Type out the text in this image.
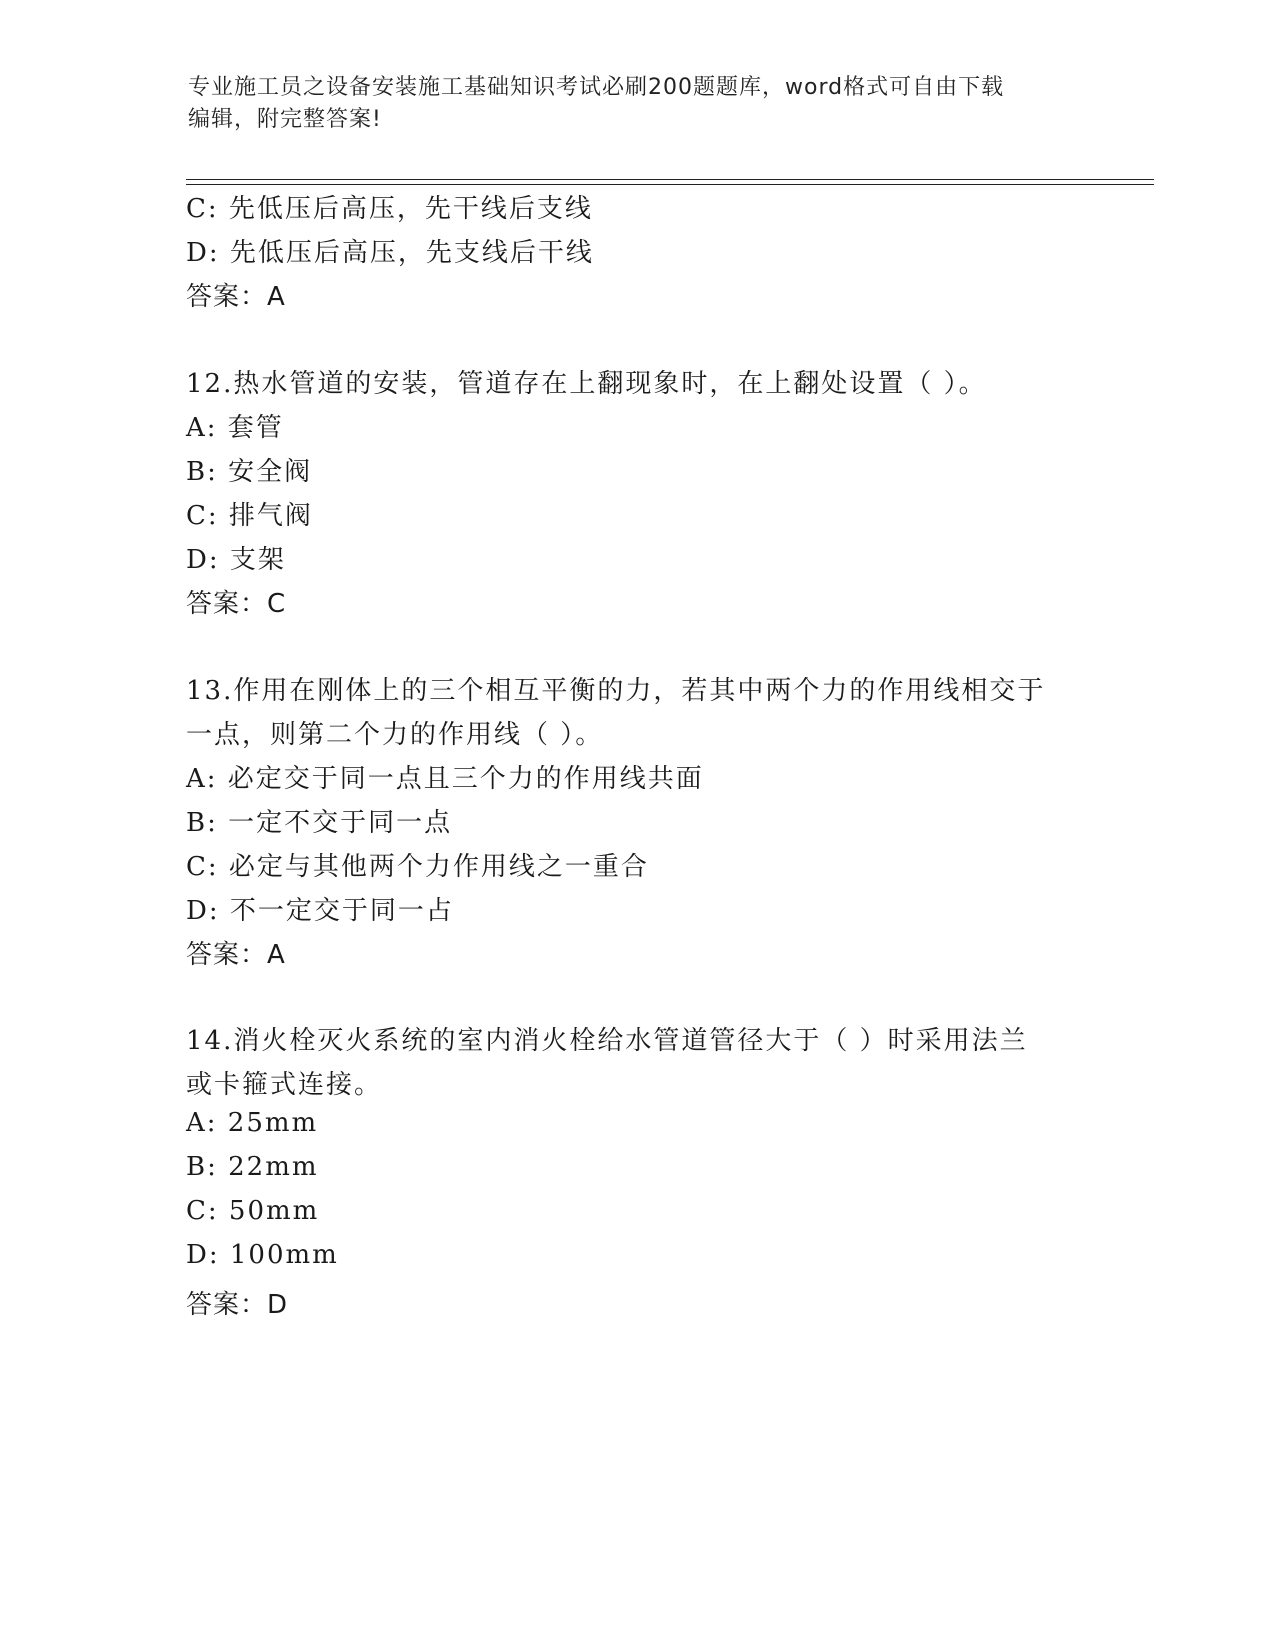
专业施工员之设备安装施工基础知识考试必刷200题题库，word格式可自由下载
编辑，附完整答案!
C: 先低压后高压，先干线后支线
D: 先低压后高压，先支线后干线
答案：A
12.热水管道的安装，管道存在上翻现象时，在上翻处设置（ ）。
A: 套管
B: 安全阀
C: 排气阀
D: 支架
答案：C
13.作用在刚体上的三个相互平衡的力，若其中两个力的作用线相交于
一点，则第二个力的作用线（ ）。
A: 必定交于同一点且三个力的作用线共面
B: 一定不交于同一点
C: 必定与其他两个力作用线之一重合
D: 不一定交于同一占
答案：A
14.消火栓灭火系统的室内消火栓给水管道管径大于（ ）时采用法兰
或卡箍式连接。
A: 25mm
B: 22mm
C: 50mm
D: 100mm
答案：D
